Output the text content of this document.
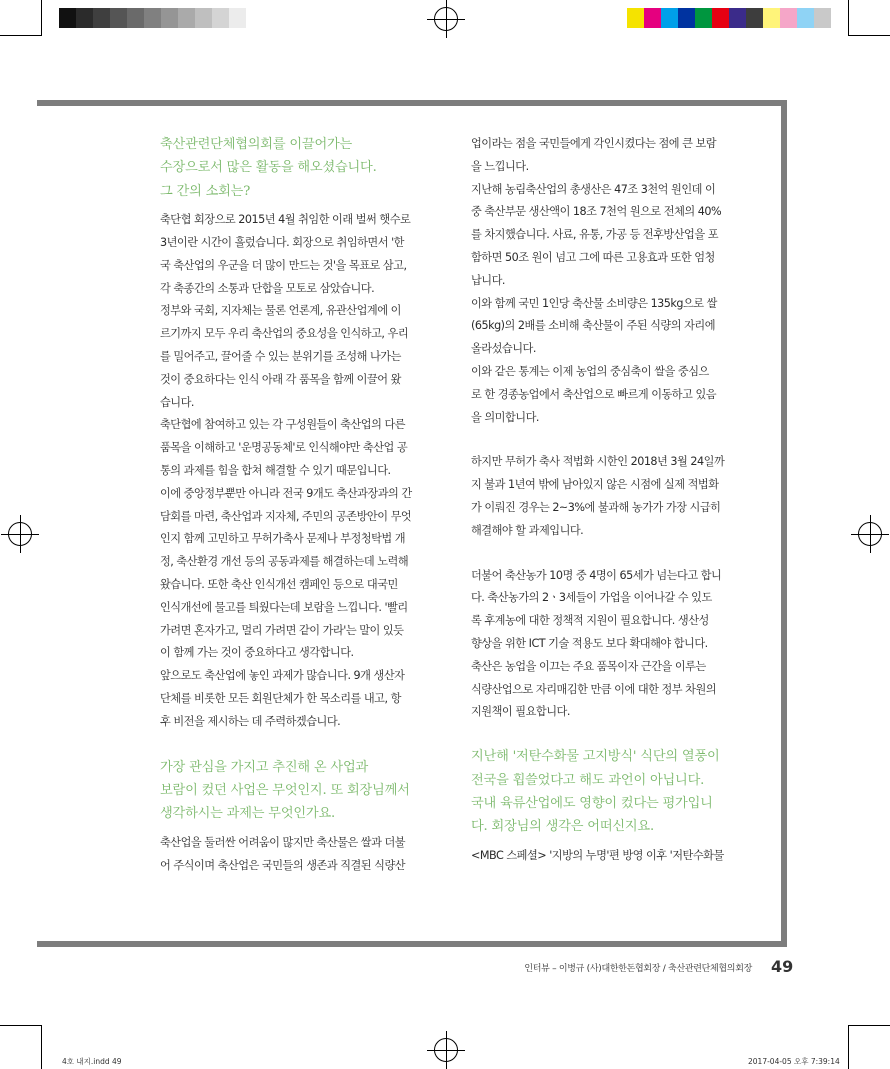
축산관련단체협의회를 이끌어가는

수장으로서 많은 활동을 해오셨습니다.

그 간의 소회는?

축단협 회장으로 2015년 4월 취임한 이래 벌써 햇수로

3년이란 시간이 흘렀습니다. 회장으로 취임하면서 '한

국 축산업의 우군을 더 많이 만드는 것'을 목표로 삼고,

각 축종간의 소통과 단합을 모토로 삼았습니다.

정부와 국회, 지자체는 물론 언론계, 유관산업계에 이

르기까지 모두 우리 축산업의 중요성을 인식하고, 우리

를 밀어주고, 끌어줄 수 있는 분위기를 조성해 나가는

것이 중요하다는 인식 아래 각 품목을 함께 이끌어 왔

습니다.

축단협에 참여하고 있는 각 구성원들이 축산업의 다른

품목을 이해하고 '운명공동체'로 인식해야만 축산업 공

통의 과제를 힘을 합쳐 해결할 수 있기 때문입니다.

이에 중앙정부뿐만 아니라 전국 9개도 축산과장과의 간

담회를 마련, 축산업과 지자체, 주민의 공존방안이 무엇

인지 함께 고민하고 무허가축사 문제나 부정청탁법 개

정, 축산환경 개선 등의 공동과제를 해결하는데 노력해

왔습니다. 또한 축산 인식개선 캠페인 등으로 대국민

인식개선에 물고를 틔웠다는데 보람을 느낍니다. '빨리

가려면 혼자가고, 멀리 가려면 같이 가라'는 말이 있듯

이 함께 가는 것이 중요하다고 생각합니다.

앞으로도 축산업에 놓인 과제가 많습니다. 9개 생산자

단체를 비롯한 모든 회원단체가 한 목소리를 내고, 항

후 비전을 제시하는 데 주력하겠습니다.

가장 관심을 가지고 추진해 온 사업과

보람이 컸던 사업은 무엇인지. 또 회장님께서

생각하시는 과제는 무엇인가요.

축산업을 둘러싼 어려움이 많지만 축산물은 쌀과 더불

어 주식이며 축산업은 국민들의 생존과 직결된 식량산

업이라는 점을 국민들에게 각인시켰다는 점에 큰 보람

을 느낍니다.

지난해 농림축산업의 총생산은 47조 3천억 원인데 이

중 축산부문 생산액이 18조 7천억 원으로 전체의 40%

를 차지했습니다. 사료, 유통, 가공 등 전후방산업을 포

함하면 50조 원이 넘고 그에 따른 고용효과 또한 엄청

납니다.

이와 함께 국민 1인당 축산물 소비량은 135kg으로 쌀

(65kg)의 2배를 소비해 축산물이 주된 식량의 자리에

올라섰습니다.

이와 같은 통계는 이제 농업의 중심축이 쌀을 중심으

로 한 경종농업에서 축산업으로 빠르게 이동하고 있음

을 의미합니다.

하지만 무허가 축사 적법화 시한인 2018년 3월 24일까

지 불과 1년여 밖에 남아있지 않은 시점에 실제 적법화

가 이뤄진 경우는 2~3%에 불과해 농가가 가장 시급히

해결해야 할 과제입니다.

더불어 축산농가 10명 중 4명이 65세가 넘는다고 합니

다. 축산농가의 2ㆍ3세들이 가업을 이어나갈 수 있도

록 후계농에 대한 정책적 지원이 필요합니다. 생산성

향상을 위한 ICT 기술 적용도 보다 확대해야 합니다.

축산은 농업을 이끄는 주요 품목이자 근간을 이루는

식량산업으로 자리매김한 만큼 이에 대한 정부 차원의

지원책이 필요합니다.

지난해 '저탄수화물 고지방식' 식단의 열풍이

전국을 휩쓸었다고 해도 과언이 아닙니다.

국내 육류산업에도 영향이 컸다는 평가입니

다. 회장님의 생각은 어떠신지요.

<MBC 스페셜> '지방의 누명'편 방영 이후 '저탄수화물

인터뷰 – 이병규 (사)대한한돈협회장 / 축산관련단체협의회장 49
4호 내지.indd 49	2017-04-05 오후 7:39:14
